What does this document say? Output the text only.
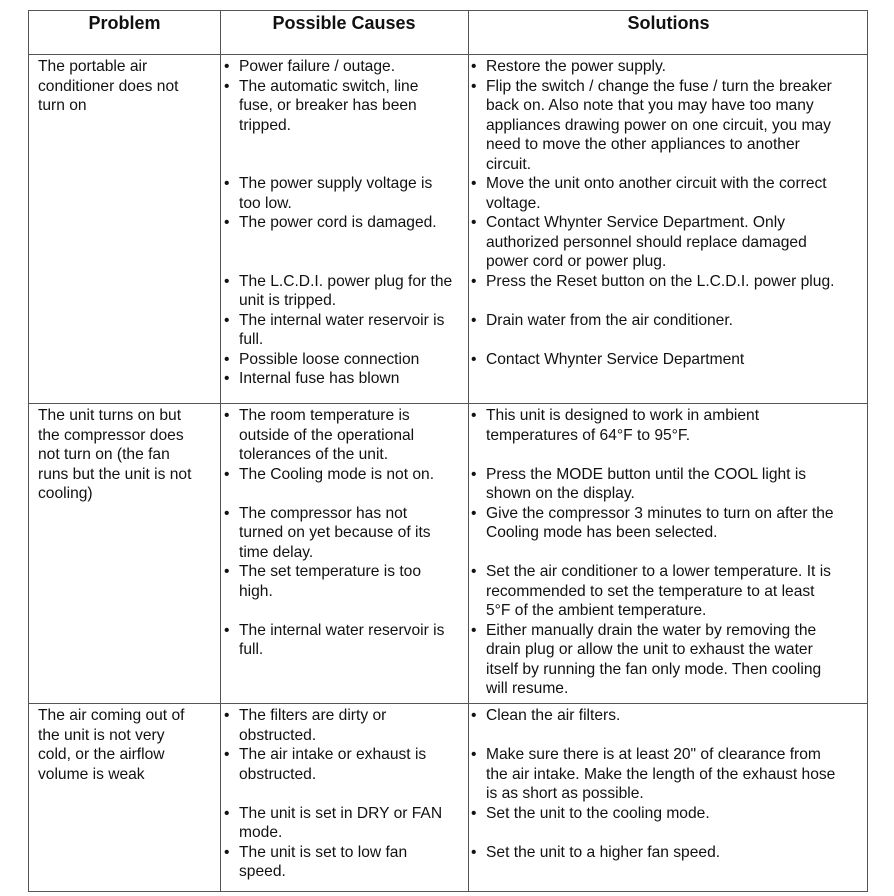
Problem	Possible Causes	Solutions
The portable air
conditioner does not
turn on
• Power failure / outage.
• The automatic switch, line
fuse, or breaker has been
tripped.
• The power supply voltage is
too low.
• The power cord is damaged.
• The L.C.D.I. power plug for the
unit is tripped.
• The internal water reservoir is
full.
• Possible loose connection
• Internal fuse has blown
• Restore the power supply.
• Flip the switch / change the fuse / turn the breaker
back on. Also note that you may have too many
appliances drawing power on one circuit, you may
need to move the other appliances to another
circuit.
• Move the unit onto another circuit with the correct
voltage.
• Contact Whynter Service Department. Only
authorized personnel should replace damaged
power cord or power plug.
• Press the Reset button on the L.C.D.I. power plug.
• Drain water from the air conditioner.
• Contact Whynter Service Department
The unit turns on but
the compressor does
not turn on (the fan
runs but the unit is not
cooling)
• The room temperature is
outside of the operational
tolerances of the unit.
• The Cooling mode is not on.
• The compressor has not
turned on yet because of its
time delay.
• The set temperature is too
high.
• The internal water reservoir is
full.
• This unit is designed to work in ambient
temperatures of 64°F to 95°F.
• Press the MODE button until the COOL light is
shown on the display.
• Give the compressor 3 minutes to turn on after the
Cooling mode has been selected.
• Set the air conditioner to a lower temperature. It is
recommended to set the temperature to at least
5°F of the ambient temperature.
• Either manually drain the water by removing the
drain plug or allow the unit to exhaust the water
itself by running the fan only mode. Then cooling
will resume.
The air coming out of
the unit is not very
cold, or the airflow
volume is weak
• The filters are dirty or
obstructed.
• The air intake or exhaust is
obstructed.
• The unit is set in DRY or FAN
mode.
• The unit is set to low fan
speed.
• Clean the air filters.
• Make sure there is at least 20" of clearance from
the air intake. Make the length of the exhaust hose
is as short as possible.
• Set the unit to the cooling mode.
• Set the unit to a higher fan speed.
